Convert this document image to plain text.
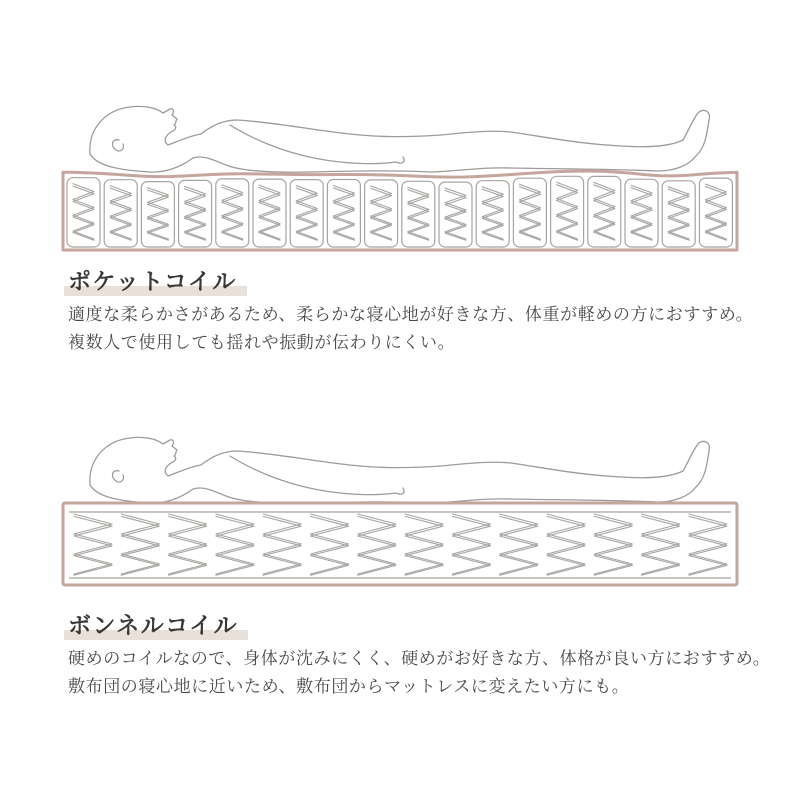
ポケットコイル

適度な柔らかさがあるため、柔らかな寝心地が好きな方、体重が軽めの方におすすめ。
複数人で使用しても揺れや振動が伝わりにくい。

ボンネルコイル

硬めのコイルなので、身体が沈みにくく、硬めがお好きな方、体格が良い方におすすめ。
敷布団の寝心地に近いため、敷布団からマットレスに変えたい方にも。
